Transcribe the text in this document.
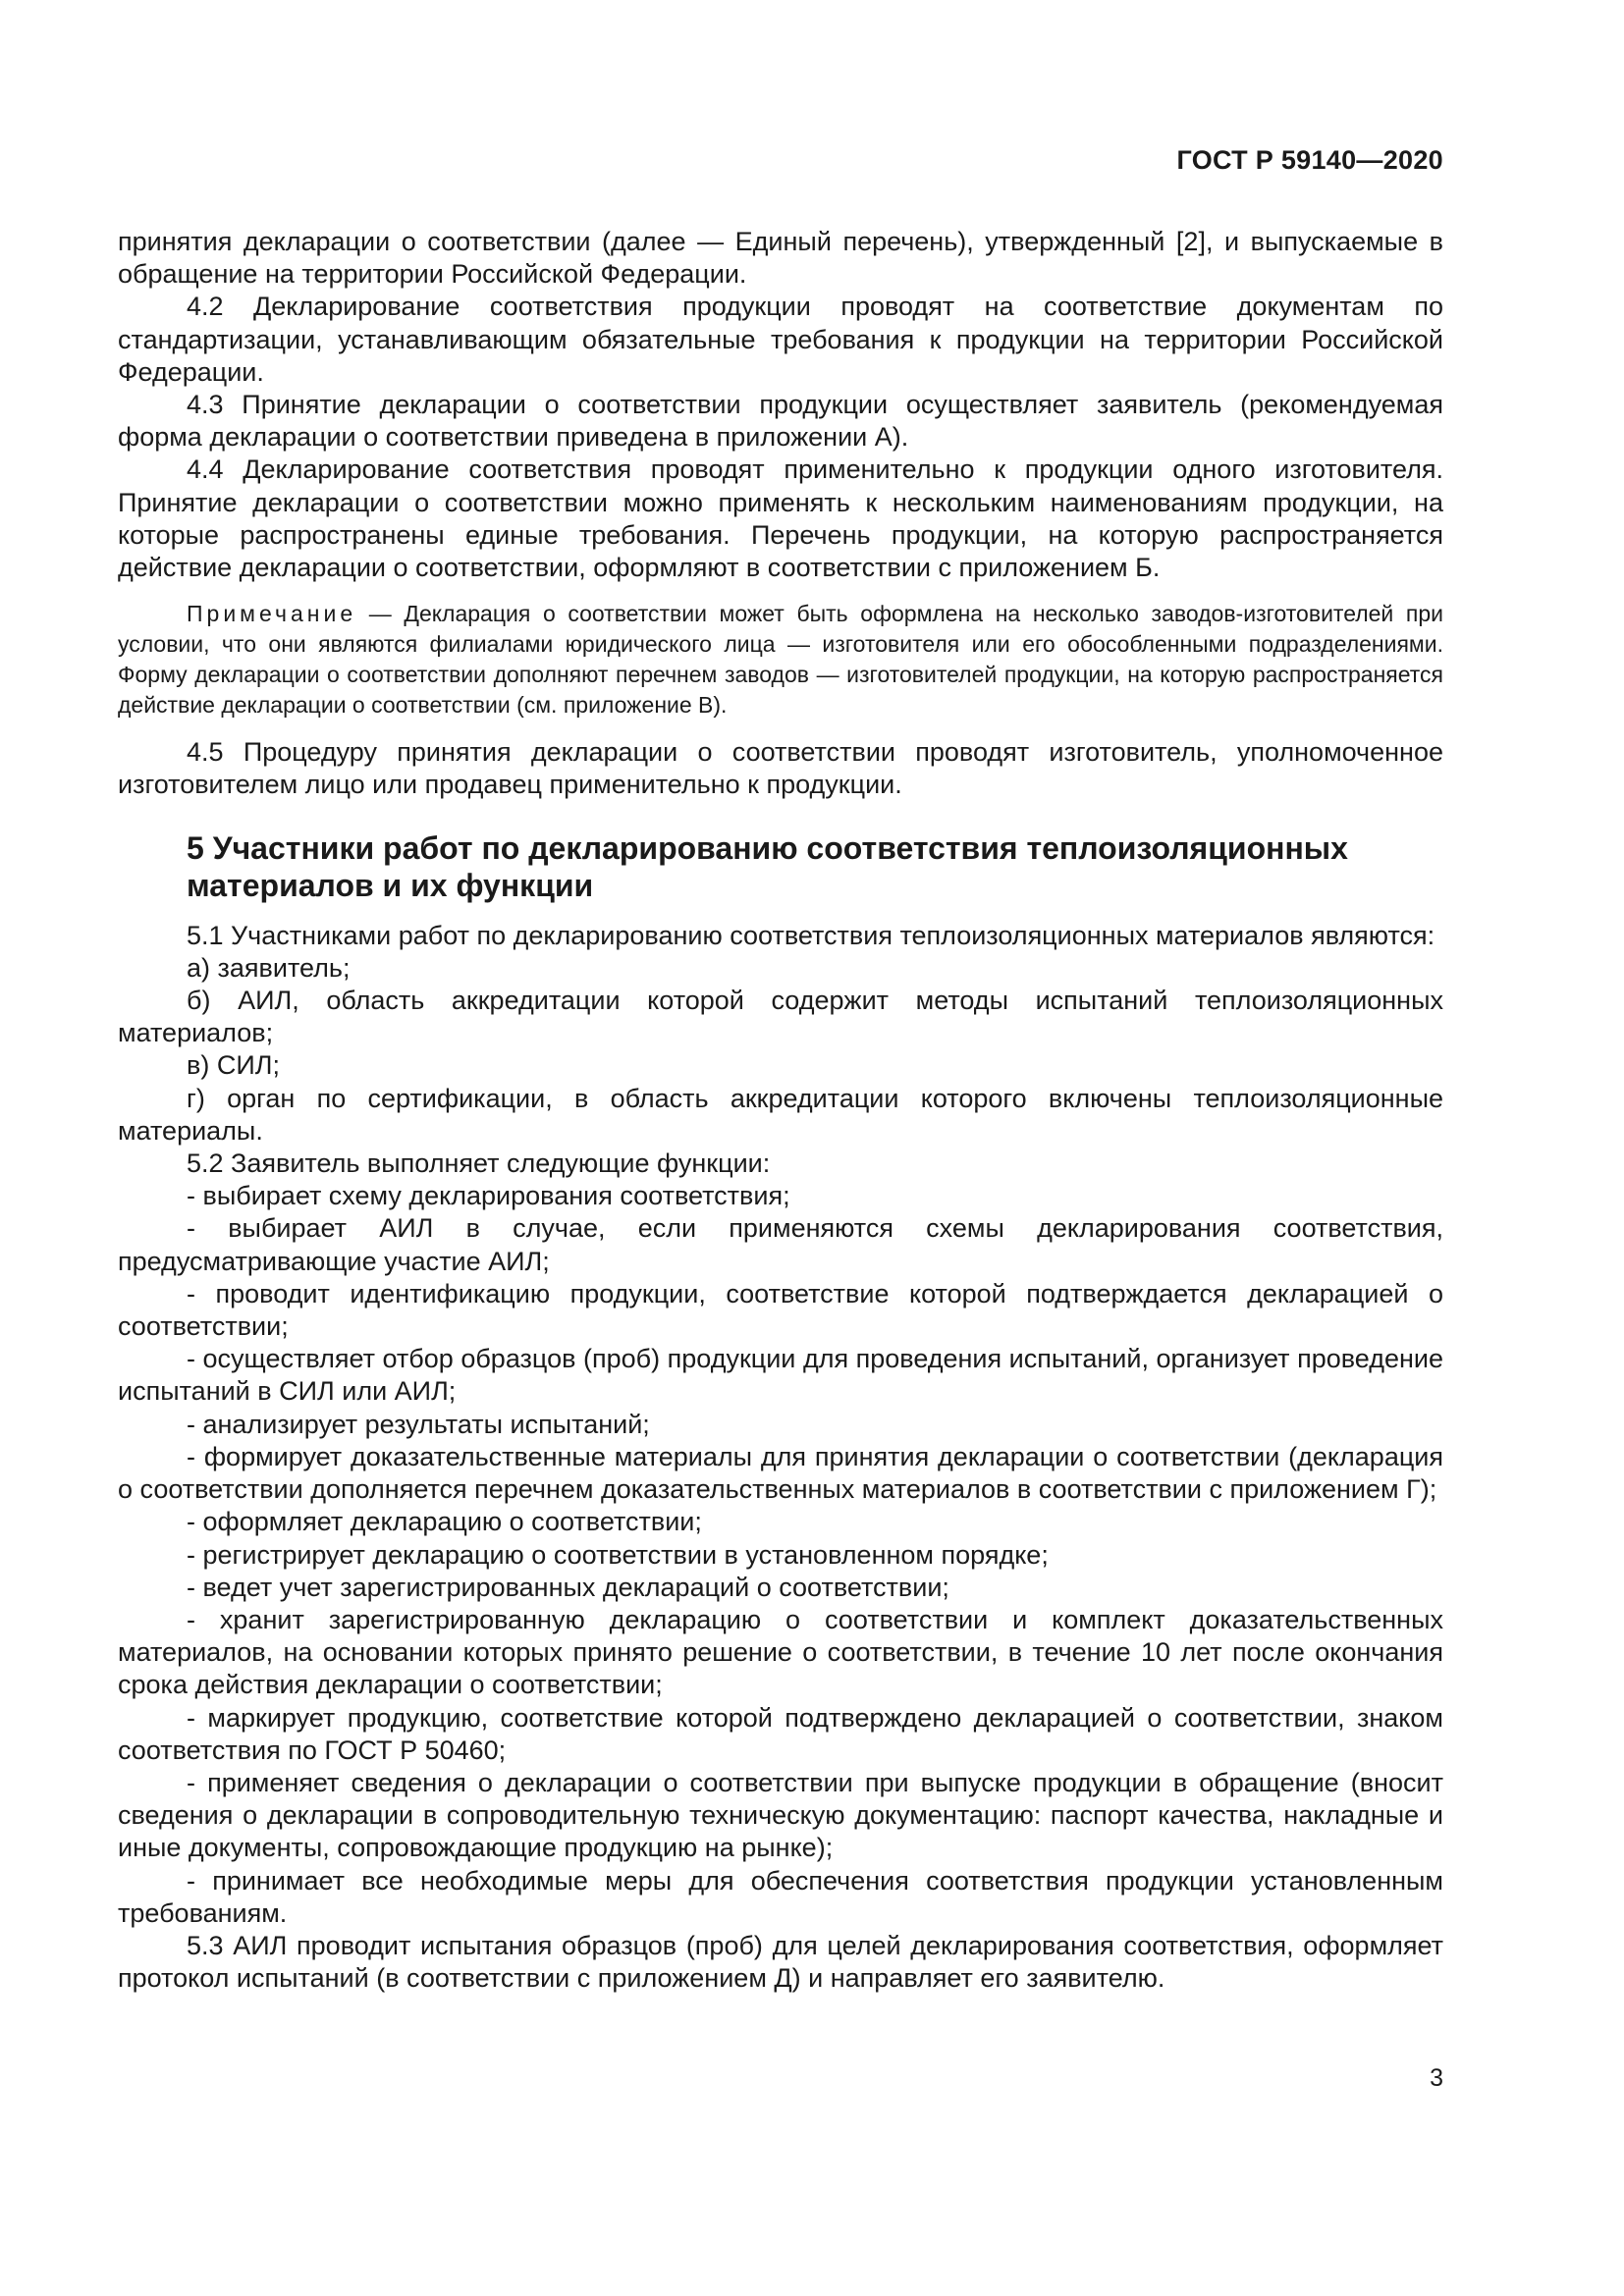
ГОСТ Р 59140—2020

принятия декларации о соответствии (далее — Единый перечень), утвержденный [2], и выпускаемые в обращение на территории Российской Федерации.

4.2 Декларирование соответствия продукции проводят на соответствие документам по стандартизации, устанавливающим обязательные требования к продукции на территории Российской Федерации.

4.3 Принятие декларации о соответствии продукции осуществляет заявитель (рекомендуемая форма декларации о соответствии приведена в приложении А).

4.4 Декларирование соответствия проводят применительно к продукции одного изготовителя. Принятие декларации о соответствии можно применять к нескольким наименованиям продукции, на которые распространены единые требования. Перечень продукции, на которую распространяется действие декларации о соответствии, оформляют в соответствии с приложением Б.

Примечание — Декларация о соответствии может быть оформлена на несколько заводов-изготовителей при условии, что они являются филиалами юридического лица — изготовителя или его обособленными подразделениями. Форму декларации о соответствии дополняют перечнем заводов — изготовителей продукции, на которую распространяется действие декларации о соответствии (см. приложение В).

4.5 Процедуру принятия декларации о соответствии проводят изготовитель, уполномоченное изготовителем лицо или продавец применительно к продукции.

5 Участники работ по декларированию соответствия теплоизоляционных материалов и их функции

5.1 Участниками работ по декларированию соответствия теплоизоляционных материалов являются:

а) заявитель;

б) АИЛ, область аккредитации которой содержит методы испытаний теплоизоляционных материалов;

в) СИЛ;

г) орган по сертификации, в область аккредитации которого включены теплоизоляционные материалы.

5.2 Заявитель выполняет следующие функции:

- выбирает схему декларирования соответствия;

- выбирает АИЛ в случае, если применяются схемы декларирования соответствия, предусматривающие участие АИЛ;

- проводит идентификацию продукции, соответствие которой подтверждается декларацией о соответствии;

- осуществляет отбор образцов (проб) продукции для проведения испытаний, организует проведение испытаний в СИЛ или АИЛ;

- анализирует результаты испытаний;

- формирует доказательственные материалы для принятия декларации о соответствии (декларация о соответствии дополняется перечнем доказательственных материалов в соответствии с приложением Г);

- оформляет декларацию о соответствии;

- регистрирует декларацию о соответствии в установленном порядке;

- ведет учет зарегистрированных деклараций о соответствии;

- хранит зарегистрированную декларацию о соответствии и комплект доказательственных материалов, на основании которых принято решение о соответствии, в течение 10 лет после окончания срока действия декларации о соответствии;

- маркирует продукцию, соответствие которой подтверждено декларацией о соответствии, знаком соответствия по ГОСТ Р 50460;

- применяет сведения о декларации о соответствии при выпуске продукции в обращение (вносит сведения о декларации в сопроводительную техническую документацию: паспорт качества, накладные и иные документы, сопровождающие продукцию на рынке);

- принимает все необходимые меры для обеспечения соответствия продукции установленным требованиям.

5.3 АИЛ проводит испытания образцов (проб) для целей декларирования соответствия, оформляет протокол испытаний (в соответствии с приложением Д) и направляет его заявителю.

3
